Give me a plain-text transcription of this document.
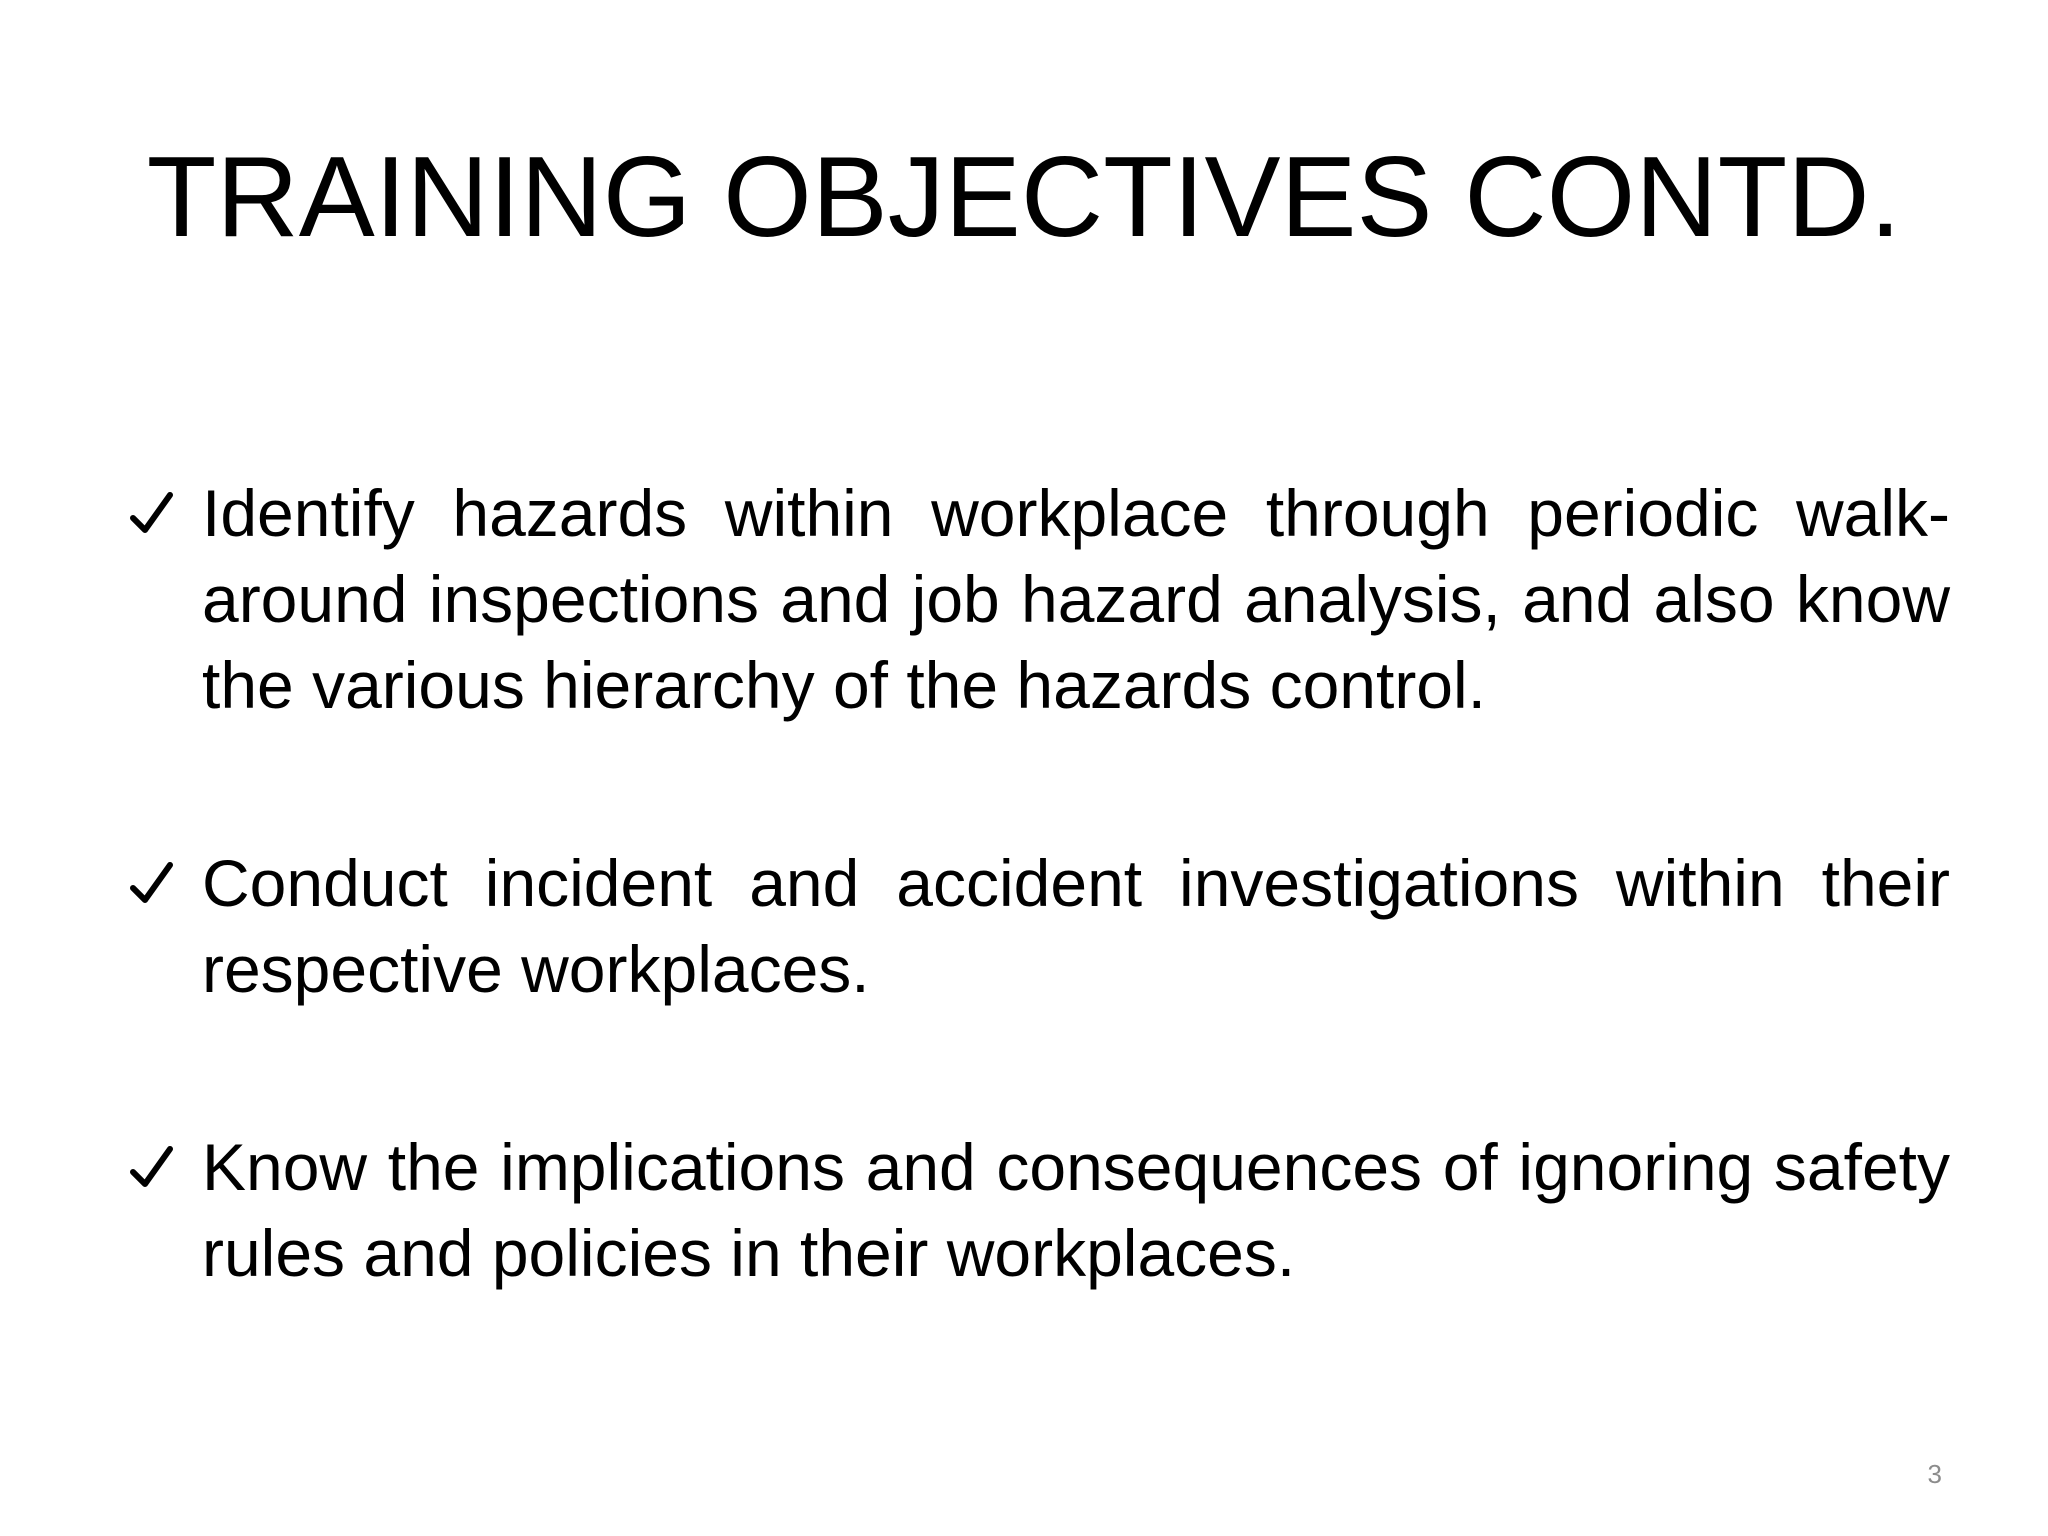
TRAINING OBJECTIVES CONTD.
Identify hazards within workplace through periodic walk-around inspections and job hazard analysis, and also know the various hierarchy of the hazards control.
Conduct incident and accident investigations within their respective workplaces.
Know the implications and consequences of ignoring safety rules and policies in their workplaces.
3
